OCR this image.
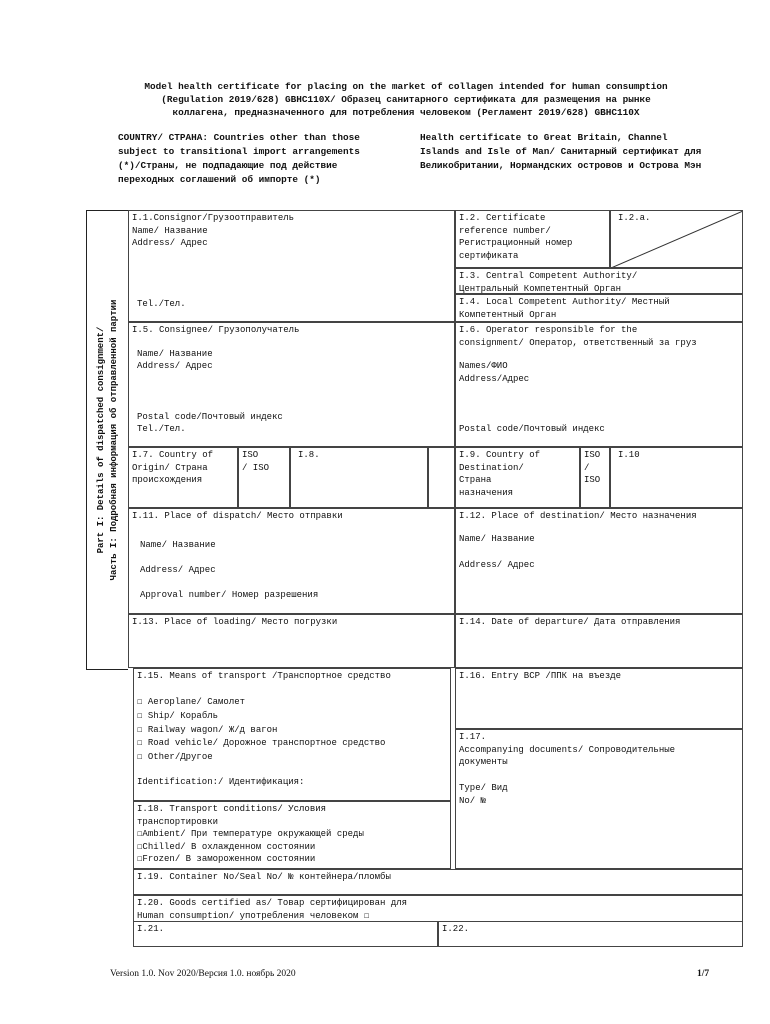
Model health certificate for placing on the market of collagen intended for human consumption
(Regulation 2019/628) GBHC110X/ Образец санитарного сертификата для размещения на рынке
коллагена, предназначенного для потребления человеком (Регламент 2019/628) GBHC110X
COUNTRY/ СТРАНА: Countries other than those
subject to transitional import arrangements
(*)/Страны, не подпадающие под действие
переходных соглашений об импорте (*)
Health certificate to Great Britain, Channel
Islands and Isle of Man/ Санитарный сертификат для
Великобритании, Нормандских островов и Острова Мэн
Part I: Details of dispatched consignment/ Часть I: Подробная информация об отправленной партии
I.1.Consignor/Грузоотправитель
Name/ Название
Address/ Адрес
Tel./Тел.
I.2. Certificate
reference number/
Регистрационный номер
сертификата
I.2.a.
I.3. Central Competent Authority/
Центральный Компетентный Орган
I.4. Local Competent Authority/ Местный
Компетентный Орган
I.5. Consignee/ Грузополучатель
Name/ Название
Address/ Адрес
Postal code/Почтовый индекс
Tel./Тел.
I.6. Operator responsible for the
consignment/ Оператор, ответственный за груз
Names/ФИО
Address/Адрес
Postal code/Почтовый индекс
I.7. Country of
Origin/ Страна
происхождения
ISO
/ ISO
I.8.	I.9. Country of
Destination/
Страна
назначения
ISO
/
ISO
I.10
I.11. Place of dispatch/ Место отправки
Name/ Название
Address/ Адрес
Approval number/ Номер разрешения
I.12. Place of destination/ Место назначения
Name/ Название
Address/ Адрес
I.13. Place of loading/ Место погрузки	I.14. Date of departure/ Дата отправления
I.15. Means of transport /Транспортное средство
☐ Aeroplane/ Самолет
☐ Ship/ Корабль
☐ Railway wagon/ Ж/д вагон
☐ Road vehicle/ Дорожное транспортное средство
☐ Other/Другое
Identification:/ Идентификация:
I.16. Entry BCP /ППК на въезде
I.17.
Accompanying documents/ Сопроводительные
документы
Type/ Вид
No/ №
I.18. Transport conditions/ Условия
транспортировки
☐Ambient/ При температуре окружающей среды
☐Chilled/ В охлажденном состоянии
☐Frozen/ В замороженном состоянии
I.19. Container No/Seal No/ № контейнера/пломбы
I.20. Goods certified as/ Товар сертифицирован для
Human consumption/ употребления человеком ☐
I.21.	I.22.
Version 1.0. Nov 2020/Версия 1.0. ноябрь 2020	1/7
